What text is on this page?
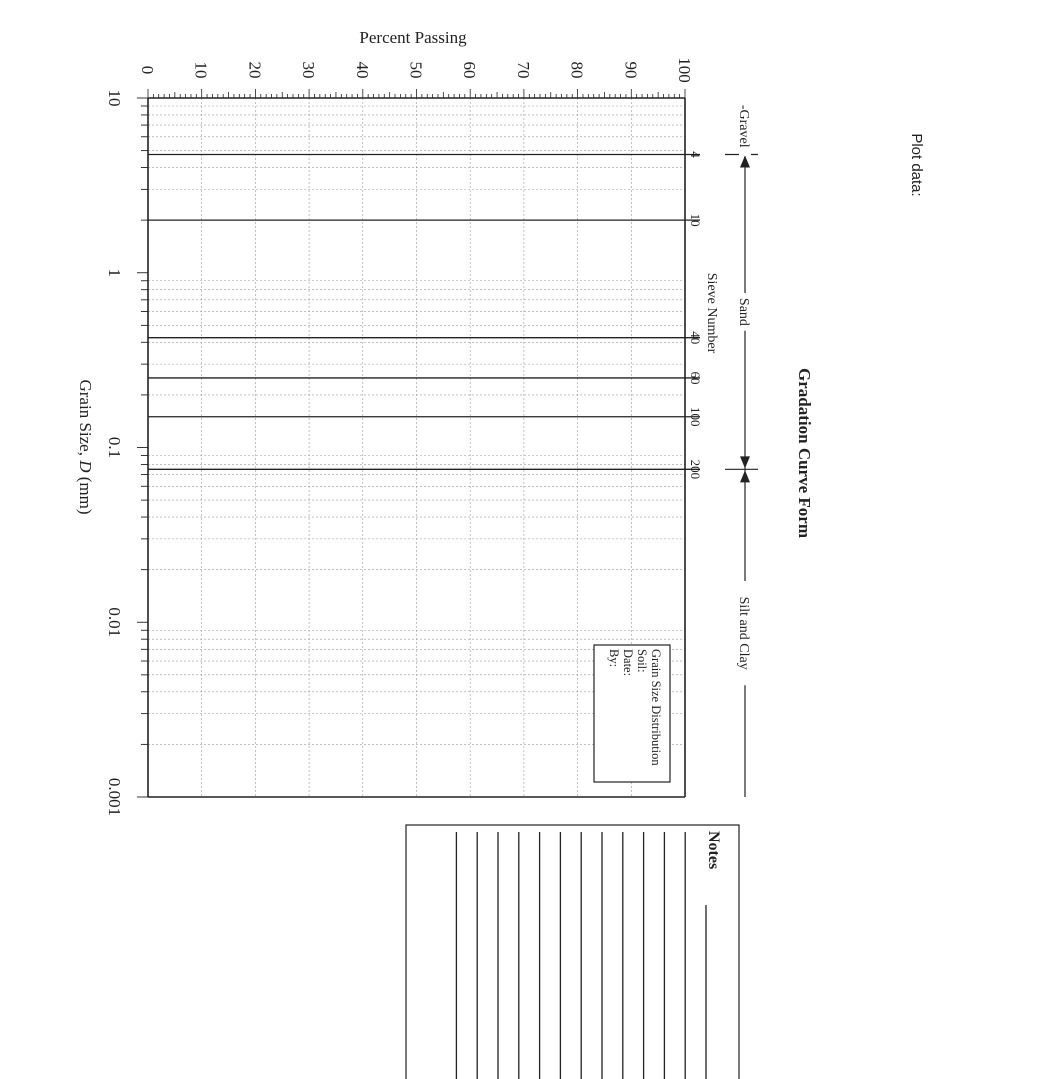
Plot data:
Gradation Curve Form
Percent Passing
Grain Size, D (mm)
0 10 20 30 40 50 60 70 80 90 100
10
1
0.1
0.01
0.001
4
10
40
60
100
200
Sieve Number
-Gravel
Sand
Silt and Clay
Grain Size Distribution
Soil:
Date:
By:
Notes
